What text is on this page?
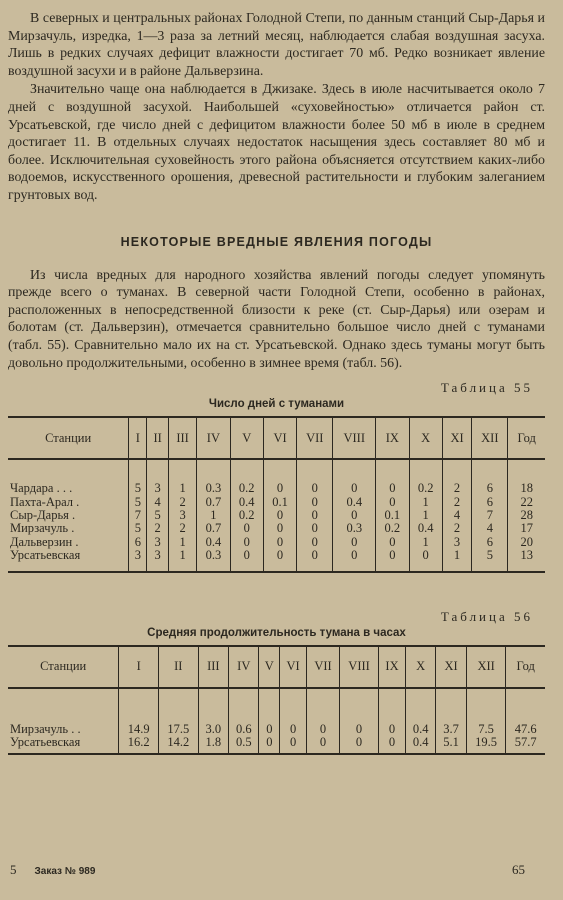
В северных и центральных районах Голодной Степи, по данным станций Сыр-Дарья и Мирзачуль, изредка, 1—3 раза за летний месяц, наблюдается слабая воздушная засуха. Лишь в редких случаях дефицит влажности достигает 70 мб. Редко возникает явление воздушной засухи и в районе Дальверзина.

Значительно чаще она наблюдается в Джизаке. Здесь в июле насчитывается около 7 дней с воздушной засухой. Наибольшей «суховейностью» отличается район ст. Урсатьевской, где число дней с дефицитом влажности более 50 мб в июле в среднем достигает 11. В отдельных случаях недостаток насыщения здесь составляет 80 мб и более. Исключительная суховейность этого района объясняется отсутствием каких-либо водоемов, искусственного орошения, древесной растительности и глубоким залеганием грунтовых вод.

НЕКОТОРЫЕ ВРЕДНЫЕ ЯВЛЕНИЯ ПОГОДЫ

Из числа вредных для народного хозяйства явлений погоды следует упомянуть прежде всего о туманах. В северной части Голодной Степи, особенно в районах, расположенных в непосредственной близости к реке (ст. Сыр-Дарья) или озерам и болотам (ст. Дальверзин), отмечается сравнительно большое число дней с туманами (табл. 55). Сравнительно мало их на ст. Урсатьевской. Однако здесь туманы могут быть довольно продолжительными, особенно в зимнее время (табл. 56).

Таблица 55
Число дней с туманами
Станции	I	II	III	IV	V	VI	VII	VIII	IX	X	XI	XII	Год

Чардара . . .	5	3	1	0.3	0.2	0	0	0	0	0.2	2	6	18
Пахта-Арал .	5	4	2	0.7	0.4	0.1	0	0.4	0	1	2	6	22
Сыр-Дарья .	7	5	3	1	0.2	0	0	0	0.1	1	4	7	28
Мирзачуль .	5	2	2	0.7	0	0	0	0.3	0.2	0.4	2	4	17
Дальверзин .	6	3	1	0.4	0	0	0	0	0	1	3	6	20
Урсатьевская	3	3	1	0.3	0	0	0	0	0	0	1	5	13

Таблица 56
Средняя продолжительность тумана в часах
Станции	I	II	III	IV	V	VI	VII	VIII	IX	X	XI	XII	Год

Мирзачуль . .	14.9	17.5	3.0	0.6	0	0	0	0	0	0.4	3.7	7.5	47.6
Урсатьевская	16.2	14.2	1.8	0.5	0	0	0	0	0	0.4	5.1	19.5	57.7

5 Заказ № 989	65
